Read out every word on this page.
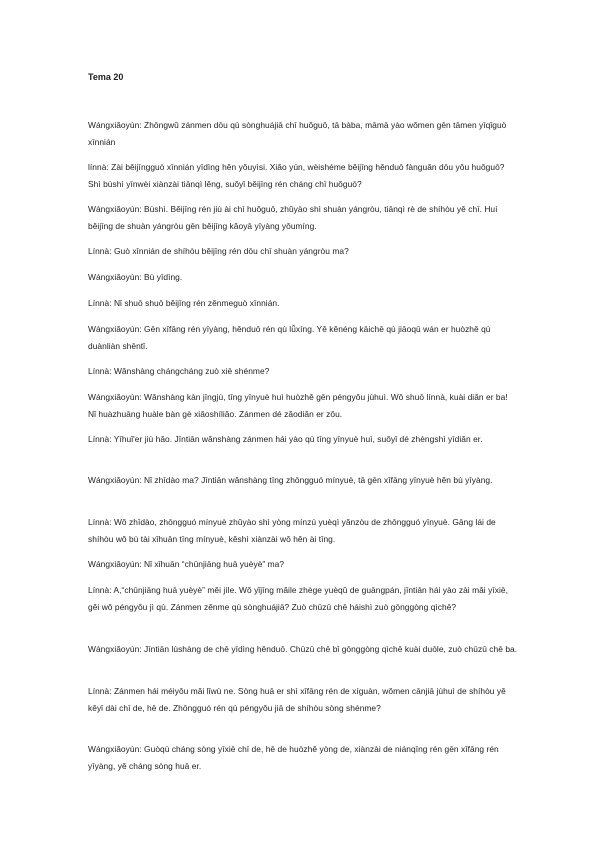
Tema 20

Wángxiǎoyún: Zhōngwǔ zánmen dōu qù sònghuájiā chī huǒguō, tā bàba, māmā yào wǒmen gēn tāmen yīqǐguò xīnnián

línnà: Zài běijīngguò xīnnián yīdìng hěn yǒuyìsi. Xiǎo yún, wèishéme běijīng hěnduō fànguǎn dōu yǒu huǒguō? Shì bùshì yīnwèi xiànzài tiānqì lěng, suǒyǐ běijīng rén cháng chī huǒguō?

Wángxiǎoyún: Bùshì. Běijīng rén jiù ài chī huǒguō, zhǔyào shì shuàn yángròu, tiānqì rè de shíhòu yě chī. Huí běijīng de shuàn yángròu gēn běijīng kǎoyā yīyàng yǒumíng.

Línnà: Guò xīnnián de shíhòu běijīng rén dōu chī shuàn yángròu ma?

Wángxiǎoyún: Bù yīdìng.

Línnà: Nǐ shuō shuō běijīng rén zěnmeguò xīnnián.

Wángxiǎoyún: Gēn xīfāng rén yīyàng, hěnduō rén qù lǚxíng. Yě kěnéng kāichē qù jiāoqū wán er huòzhě qù duànliàn shēntǐ.

Línnà: Wǎnshàng chángcháng zuò xiē shénme?

Wángxiǎoyún: Wǎnshàng kàn jīngjù, tīng yīnyuè huì huòzhě gēn péngyǒu jùhuì. Wǒ shuō línnà, kuài diǎn er ba! Nǐ huàzhuāng huàle bàn gè xiǎoshíliǎo. Zánmen dé zǎodiǎn er zǒu.

Línnà: Yīhuǐ'er jiù hǎo. Jīntiān wǎnshàng zánmen hái yào qù tīng yīnyuè huì, suǒyǐ dé zhèngshì yīdiǎn er.

Wángxiǎoyún: Nǐ zhīdào ma? Jīntiān wǎnshàng tīng zhōngguó mínyuè, tā gēn xīfāng yīnyuè hěn bù yīyàng.

Línnà: Wǒ zhīdào, zhōngguó mínyuè zhǔyào shì yòng mínzú yuèqì yǎnzòu de zhōngguó yīnyuè. Gāng lái de shíhòu wǒ bù tài xǐhuān tīng mínyuè, kěshì xiànzài wǒ hěn ài tīng.

Wángxiǎoyún: Nǐ xǐhuān “chūnjiāng huā yuèyè” ma?

Línnà: A,“chūnjiāng huā yuèyè” měi jíle. Wǒ yǐjīng mǎile zhège yuèqǔ de guāngpán, jīntiān hái yào zài mǎi yīxiē, gěi wǒ péngyǒu jì qù. Zánmen zěnme qù sònghuájiā? Zuò chūzū chē háishì zuò gōnggòng qìchē?

Wángxiǎoyún: Jīntiān lùshàng de chē yīdìng hěnduō. Chūzū chē bǐ gōnggòng qìchē kuài duōle, zuò chūzū chē ba.

Línnà: Zánmen hái méiyǒu mǎi lǐwù ne. Sòng huā er shì xīfāng rén de xíguàn, wǒmen cānjiā jùhuì de shíhòu yě kěyǐ dài chī de, hē de. Zhōngguó rén qù péngyǒu jiā de shíhòu sòng shénme?

Wángxiǎoyún: Guòqù cháng sòng yīxiē chī de, hē de huòzhě yòng de, xiànzài de niánqīng rén gēn xīfāng rén yīyàng, yě cháng sòng huā er.
